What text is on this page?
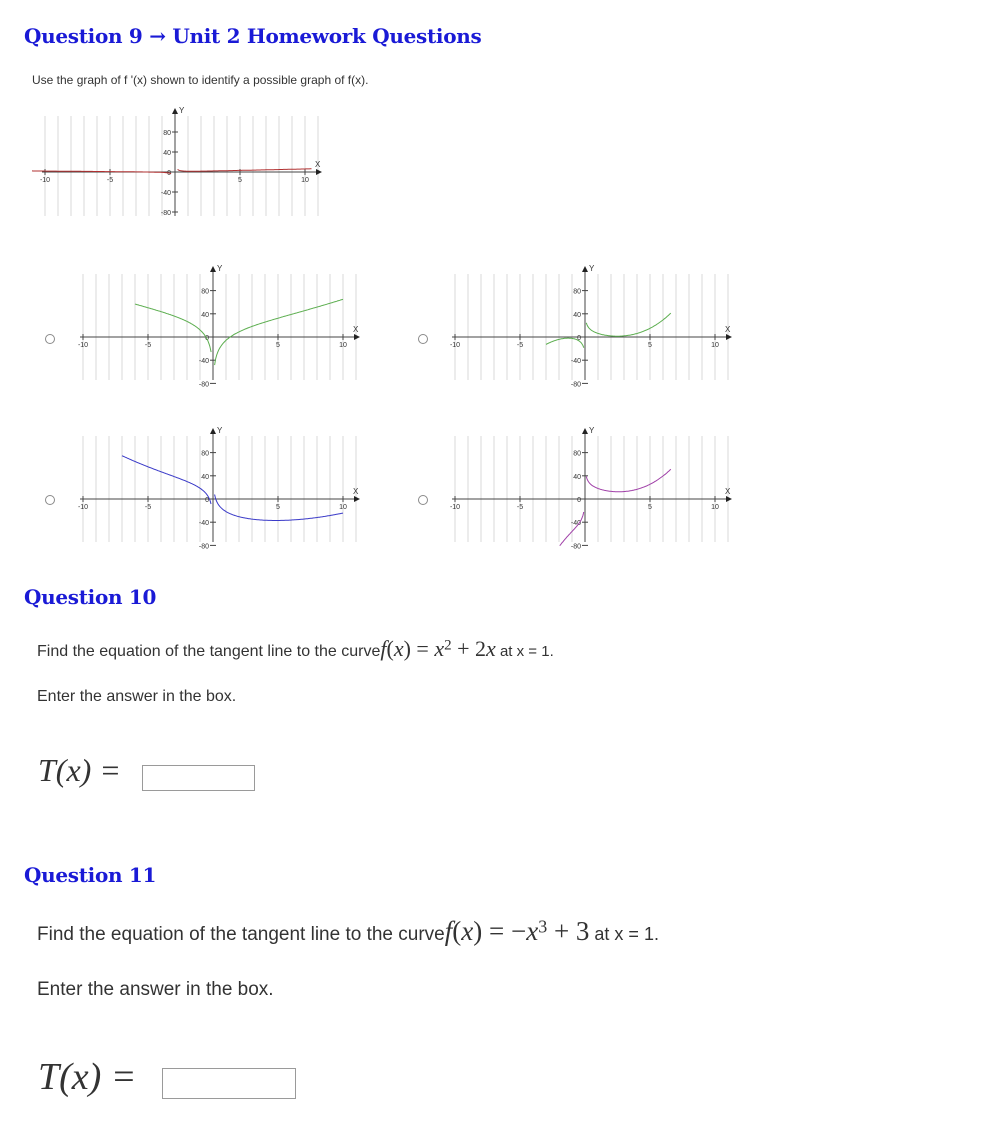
Question 9 → Unit 2 Homework Questions

Use the graph of f '(x) shown to identify a possible graph of f(x).

Y
X
80
40
0
-40
-80
-10	-5	5	10
Y
X
80
40
0
-40
-80
-10	-5	5	10
Y
X
80
40
0
-40
-80
-10	-5	5	10
Y
X
80
40
0
-40
-80
-10	-5	5	10
Y
X
80
40
0
-40
-80
-10	-5	5	10
Question 10

Find the equation of the tangent line to the curvef(x) = $x^2 + 2x$ at x = 1.

Enter the answer in the box.

T(x) =
Question 11

Find the equation of the tangent line to the curvef(x) = $-x^3 + 3$ at x = 1.

Enter the answer in the box.

T(x) =
